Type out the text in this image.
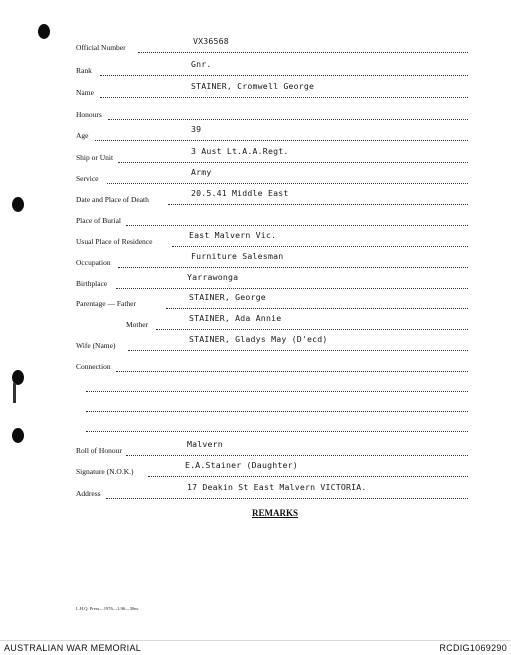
Official Number
VX36568
Rank
Gnr.
Name
STAINER, Cromwell George
Honours
Age
39
Ship or Unit
3 Aust Lt.A.A.Regt.
Service
Army
Date and Place of Death
20.5.41 Middle East
Place of Burial
Usual Place of Residence
East Malvern Vic.
Occupation
Furniture Salesman
Birthplace
Yarrawonga
Parentage — Father
STAINER, George
Mother
STAINER, Ada Annie
Wife (Name)
STAINER, Gladys May (D'ecd)
Connection
Roll of Honour
Malvern
Signature (N.O.K.)
E.A.Stainer (Daughter)
Address
17 Deakin St East Malvern VICTORIA.
REMARKS
L.H.Q. Press—1976—1/46—30m.
AUSTRALIAN WAR MEMORIAL	RCDIG1069290
